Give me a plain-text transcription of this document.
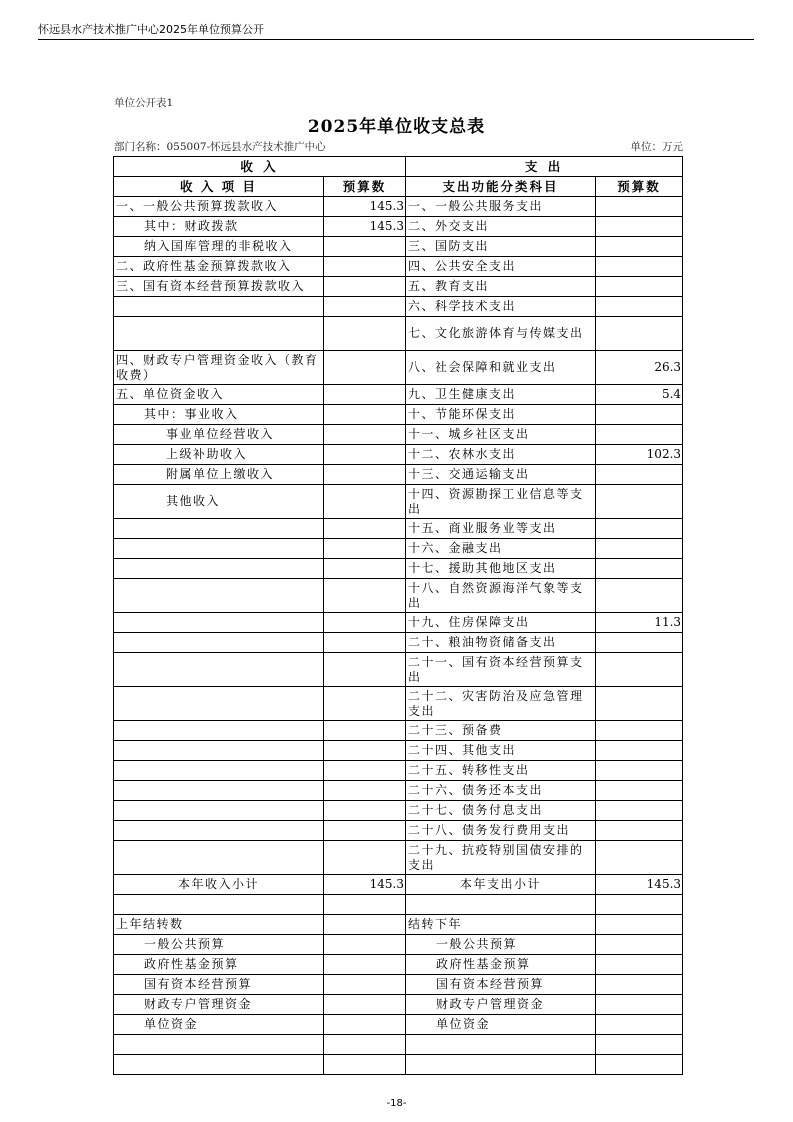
怀远县水产技术推广中心2025年单位预算公开
单位公开表1
2025年单位收支总表
部门名称：055007-怀远县水产技术推广中心	单位：万元
收 入		支 出	
收 入 项 目	预算数	支出功能分类科目	预算数
一、一般公共预算拨款收入	145.3	一、一般公共服务支出	
其中：财政拨款	145.3	二、外交支出	
纳入国库管理的非税收入		三、国防支出	
二、政府性基金预算拨款收入		四、公共安全支出	
三、国有资本经营预算拨款收入		五、教育支出	
		六、科学技术支出	
		七、文化旅游体育与传媒支出	
四、财政专户管理资金收入（教育收费）		八、社会保障和就业支出	26.3
五、单位资金收入		九、卫生健康支出	5.4
其中：事业收入		十、节能环保支出	
事业单位经营收入		十一、城乡社区支出	
上级补助收入		十二、农林水支出	102.3
附属单位上缴收入		十三、交通运输支出	
其他收入		十四、资源勘探工业信息等支出	
		十五、商业服务业等支出	
		十六、金融支出	
		十七、援助其他地区支出	
		十八、自然资源海洋气象等支出	
		十九、住房保障支出	11.3
		二十、粮油物资储备支出	
		二十一、国有资本经营预算支出	
		二十二、灾害防治及应急管理支出	
		二十三、预备费	
		二十四、其他支出	
		二十五、转移性支出	
		二十六、债务还本支出	
		二十七、债务付息支出	
		二十八、债务发行费用支出	
		二十九、抗疫特别国债安排的支出	
本年收入小计	145.3	本年支出小计	145.3

上年结转数		结转下年	
一般公共预算		一般公共预算	
政府性基金预算		政府性基金预算	
国有资本经营预算		国有资本经营预算	
财政专户管理资金		财政专户管理资金	
单位资金		单位资金	

-18-
